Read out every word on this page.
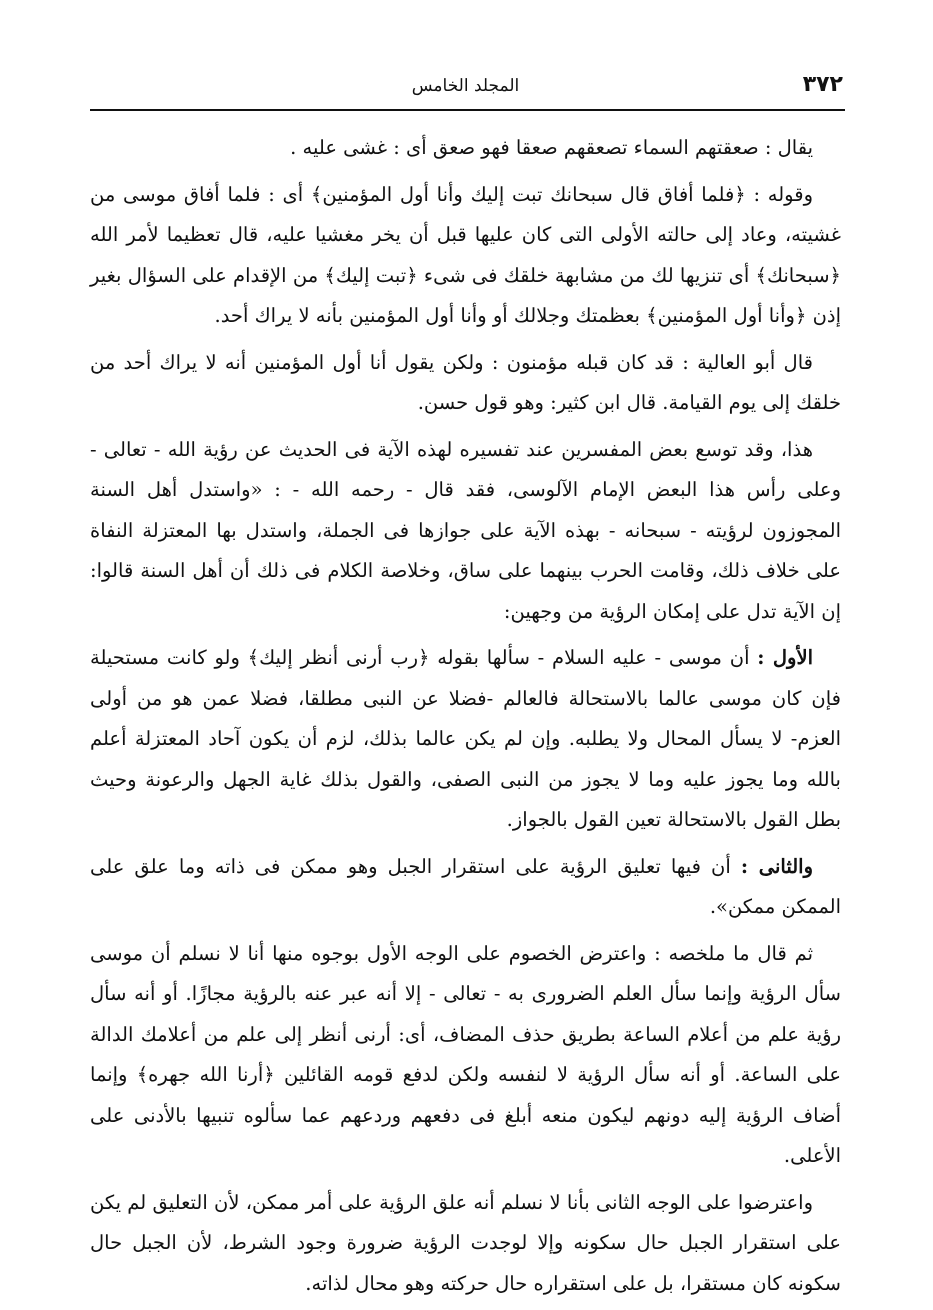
٣٧٢
المجلد الخامس

يقال : صعقتهم السماء تصعقهم صعقا فهو صعق أى : غشى عليه .

وقوله : ﴿فلما أفاق قال سبحانك تبت إليك وأنا أول المؤمنين﴾ أى : فلما أفاق موسى من غشيته، وعاد إلى حالته الأولى التى كان عليها قبل أن يخر مغشيا عليه، قال تعظيما لأمر الله ﴿سبحانك﴾ أى تنزيها لك من مشابهة خلقك فى شىء ﴿تبت إليك﴾ من الإقدام على السؤال بغير إذن ﴿وأنا أول المؤمنين﴾ بعظمتك وجلالك أو وأنا أول المؤمنين بأنه لا يراك أحد.

قال أبو العالية : قد كان قبله مؤمنون : ولكن يقول أنا أول المؤمنين أنه لا يراك أحد من خلقك إلى يوم القيامة. قال ابن كثير: وهو قول حسن.

هذا، وقد توسع بعض المفسرين عند تفسيره لهذه الآية فى الحديث عن رؤية الله - تعالى - وعلى رأس هذا البعض الإمام الآلوسى، فقد قال - رحمه الله - : «واستدل أهل السنة المجوزون لرؤيته - سبحانه - بهذه الآية على جوازها فى الجملة، واستدل بها المعتزلة النفاة على خلاف ذلك، وقامت الحرب بينهما على ساق، وخلاصة الكلام فى ذلك أن أهل السنة قالوا: إن الآية تدل على إمكان الرؤية من وجهين:

الأول : أن موسى - عليه السلام - سألها بقوله ﴿رب أرنى أنظر إليك﴾ ولو كانت مستحيلة فإن كان موسى عالما بالاستحالة فالعالم -فضلا عن النبى مطلقا، فضلا عمن هو من أولى العزم- لا يسأل المحال ولا يطلبه. وإن لم يكن عالما بذلك، لزم أن يكون آحاد المعتزلة أعلم بالله وما يجوز عليه وما لا يجوز من النبى الصفى، والقول بذلك غاية الجهل والرعونة وحيث بطل القول بالاستحالة تعين القول بالجواز.

والثانى : أن فيها تعليق الرؤية على استقرار الجبل وهو ممكن فى ذاته وما علق على الممكن ممكن».

ثم قال ما ملخصه : واعترض الخصوم على الوجه الأول بوجوه منها أنا لا نسلم أن موسى سأل الرؤية وإنما سأل العلم الضرورى به - تعالى - إلا أنه عبر عنه بالرؤية مجازًا. أو أنه سأل رؤية علم من أعلام الساعة بطريق حذف المضاف، أى: أرنى أنظر إلى علم من أعلامك الدالة على الساعة. أو أنه سأل الرؤية لا لنفسه ولكن لدفع قومه القائلين ﴿أرنا الله جهره﴾ وإنما أضاف الرؤية إليه دونهم ليكون منعه أبلغ فى دفعهم وردعهم عما سألوه تنبيها بالأدنى على الأعلى.

واعترضوا على الوجه الثانى بأنا لا نسلم أنه علق الرؤية على أمر ممكن، لأن التعليق لم يكن على استقرار الجبل حال سكونه وإلا لوجدت الرؤية ضرورة وجود الشرط، لأن الجبل حال سكونه كان مستقرا، بل على استقراره حال حركته وهو محال لذاته.
